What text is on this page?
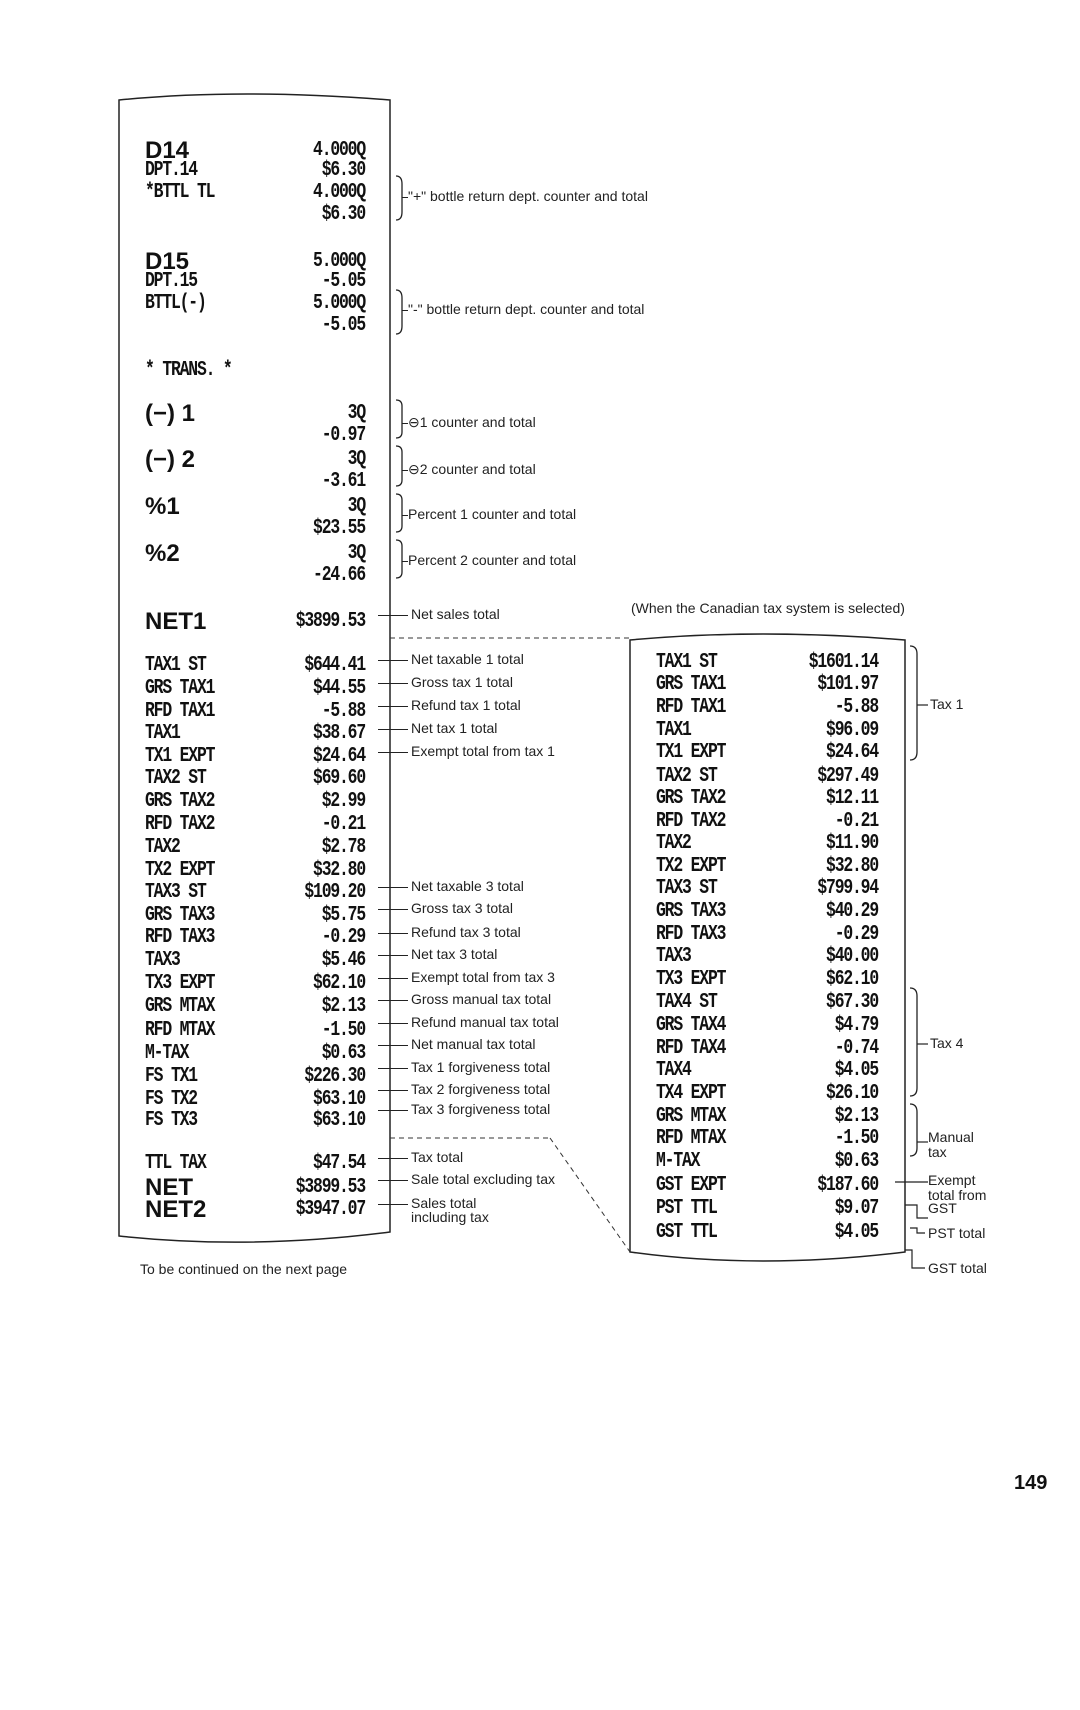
D14	4.000Q
DPT.14	$6.30
*BTTL TL	4.000Q
$6.30
D15	5.000Q
DPT.15	-5.05
BTTL(-)	5.000Q
-5.05
* TRANS. *
(−) 1	3Q
-0.97
(−) 2	3Q
-3.61
%1	3Q
$23.55
%2	3Q
-24.66
NET1	$3899.53
TAX1 ST	$644.41
GRS TAX1	$44.55
RFD TAX1	-5.88
TAX1	$38.67
TX1 EXPT	$24.64
TAX2 ST	$69.60
GRS TAX2	$2.99
RFD TAX2	-0.21
TAX2	$2.78
TX2 EXPT	$32.80
TAX3 ST	$109.20
GRS TAX3	$5.75
RFD TAX3	-0.29
TAX3	$5.46
TX3 EXPT	$62.10
GRS MTAX	$2.13
RFD MTAX	-1.50
M-TAX	$0.63
FS TX1	$226.30
FS TX2	$63.10
FS TX3	$63.10
TTL TAX	$47.54
NET	$3899.53
NET2	$3947.07
"+" bottle return dept. counter and total
"-" bottle return dept. counter and total
⊖1 counter and total
⊖2 counter and total
Percent 1 counter and total
Percent 2 counter and total
Net sales total
Net taxable 1 total
Gross tax 1 total
Refund tax 1 total
Net tax 1 total
Exempt total from tax 1
Net taxable 3 total
Gross tax 3 total
Refund tax 3 total
Net tax 3 total
Exempt total from tax 3
Gross manual tax total
Refund manual tax total
Net manual tax total
Tax 1 forgiveness total
Tax 2 forgiveness total
Tax 3 forgiveness total
Tax total
Sale total excluding tax
Sales total
including tax
TAX1 ST	$1601.14
GRS TAX1	$101.97
RFD TAX1	-5.88
TAX1	$96.09
TX1 EXPT	$24.64
TAX2 ST	$297.49
GRS TAX2	$12.11
RFD TAX2	-0.21
TAX2	$11.90
TX2 EXPT	$32.80
TAX3 ST	$799.94
GRS TAX3	$40.29
RFD TAX3	-0.29
TAX3	$40.00
TX3 EXPT	$62.10
TAX4 ST	$67.30
GRS TAX4	$4.79
RFD TAX4	-0.74
TAX4	$4.05
TX4 EXPT	$26.10
GRS MTAX	$2.13
RFD MTAX	-1.50
M-TAX	$0.63
GST EXPT	$187.60
PST TTL	$9.07
GST TTL	$4.05
Tax 1
Tax 4
Manual
tax
Exempt
total from
GST
PST total
GST total
(When the Canadian tax system is selected)
To be continued on the next page
149
